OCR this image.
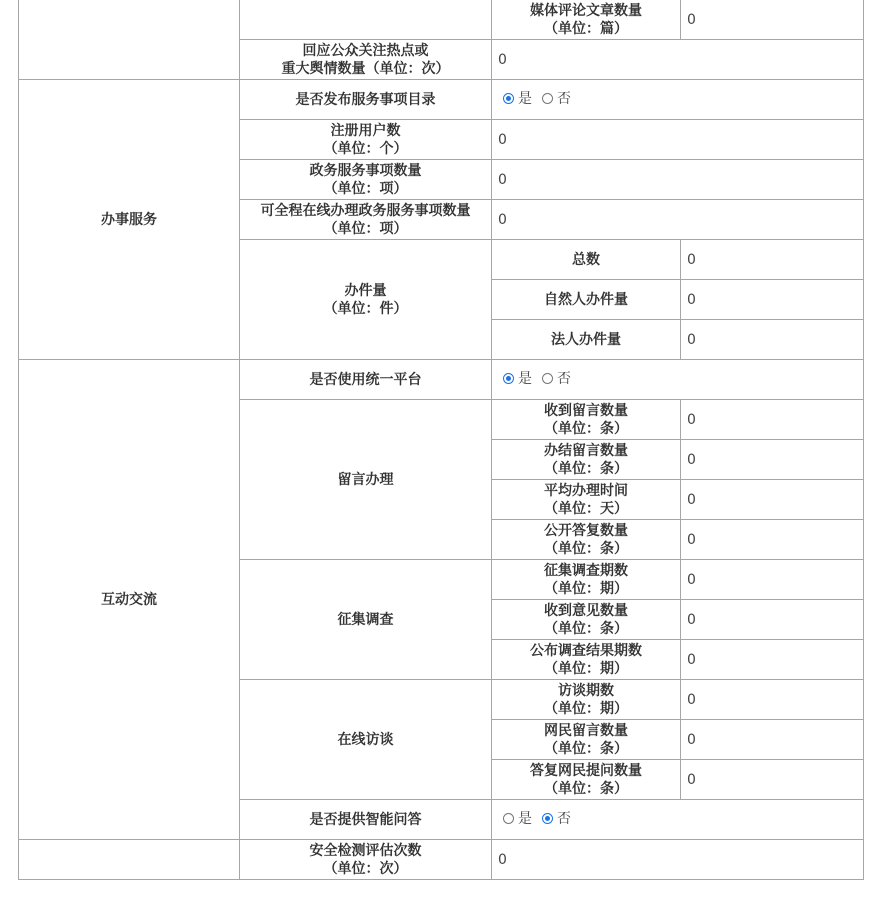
		媒体评论文章数量
（单位：篇）	0

	回应公众关注热点或
重大舆情数量（单位：次）	0	
办事服务	是否发布服务事项目录	是 否	

	注册用户数
（单位：个）	0	

	政务服务事项数量
（单位：项）	0	

	可全程在线办理政务服务事项数量
（单位：项）	0	

	办件量
（单位：件）	总数	0
		自然人办件量	0
		法人办件量	0
互动交流	是否使用统一平台	是 否	

	留言办理	收到留言数量
（单位：条）	0

		办结留言数量
（单位：条）	0

		平均办理时间
（单位：天）	0

		公开答复数量
（单位：条）	0
	征集调查	征集调查期数
（单位：期）	0

		收到意见数量
（单位：条）	0

		公布调查结果期数
（单位：期）	0
	在线访谈	访谈期数
（单位：期）	0

		网民留言数量
（单位：条）	0

		答复网民提问数量
（单位：条）	0
	是否提供智能问答	是 否	

	安全检测评估次数
（单位：次）	0	
